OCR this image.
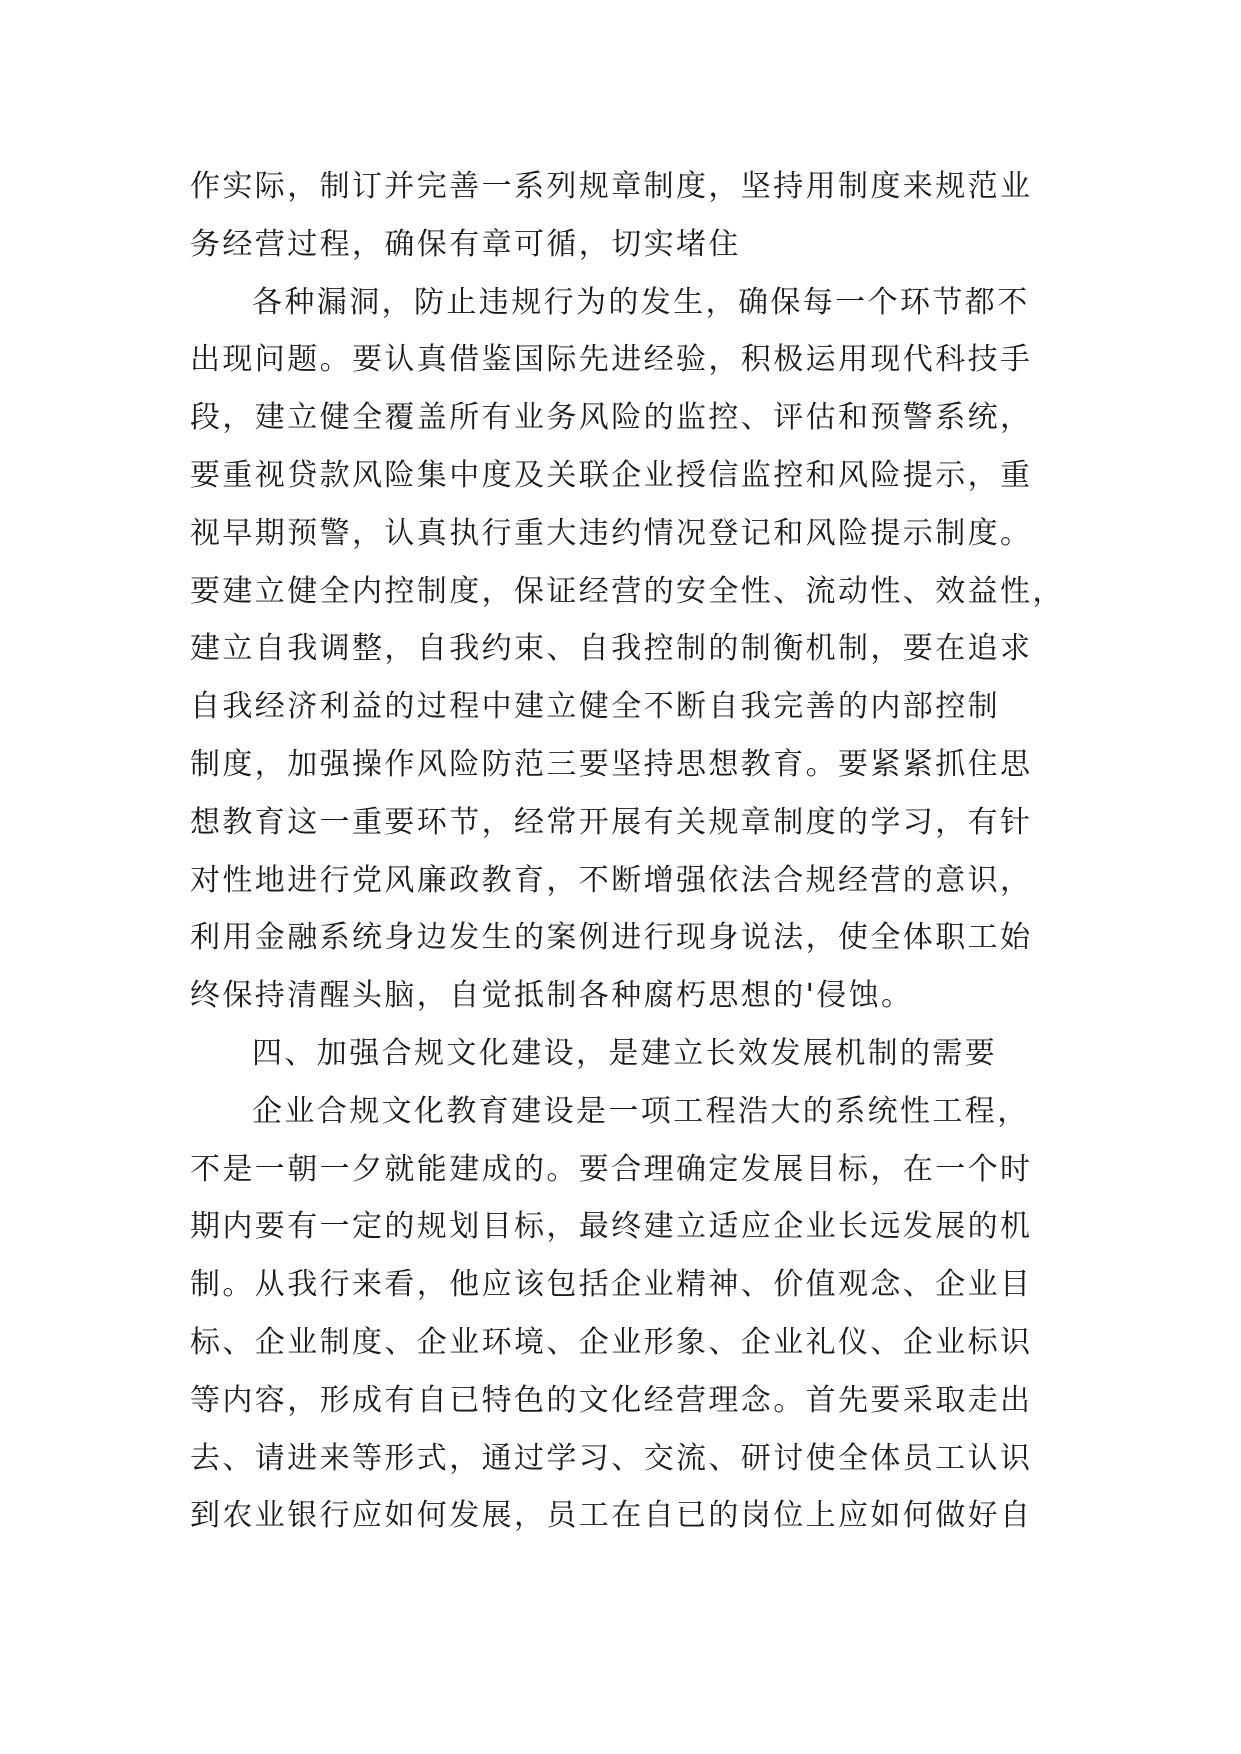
作实际，制订并完善一系列规章制度，坚持用制度来规范业

务经营过程，确保有章可循，切实堵住

各种漏洞，防止违规行为的发生，确保每一个环节都不

出现问题。要认真借鉴国际先进经验，积极运用现代科技手

段，建立健全覆盖所有业务风险的监控、评估和预警系统，

要重视贷款风险集中度及关联企业授信监控和风险提示，重

视早期预警，认真执行重大违约情况登记和风险提示制度。

要建立健全内控制度，保证经营的安全性、流动性、效益性，

建立自我调整，自我约束、自我控制的制衡机制，要在追求

自我经济利益的过程中建立健全不断自我完善的内部控制

制度，加强操作风险防范三要坚持思想教育。要紧紧抓住思

想教育这一重要环节，经常开展有关规章制度的学习，有针

对性地进行党风廉政教育，不断增强依法合规经营的意识，

利用金融系统身边发生的案例进行现身说法，使全体职工始

终保持清醒头脑，自觉抵制各种腐朽思想的'侵蚀。

四、加强合规文化建设，是建立长效发展机制的需要

企业合规文化教育建设是一项工程浩大的系统性工程，

不是一朝一夕就能建成的。要合理确定发展目标，在一个时

期内要有一定的规划目标，最终建立适应企业长远发展的机

制。从我行来看，他应该包括企业精神、价值观念、企业目

标、企业制度、企业环境、企业形象、企业礼仪、企业标识

等内容，形成有自已特色的文化经营理念。首先要采取走出

去、请进来等形式，通过学习、交流、研讨使全体员工认识

到农业银行应如何发展，员工在自已的岗位上应如何做好自
